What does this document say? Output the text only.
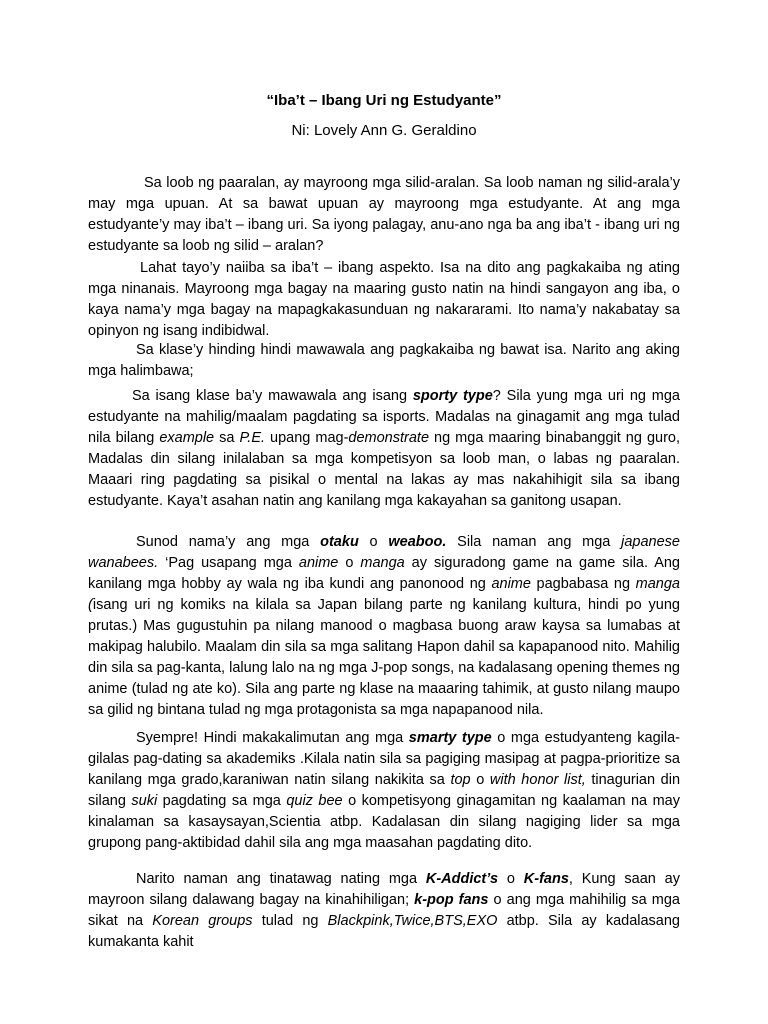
“Iba’t – Ibang Uri ng Estudyante”
Ni: Lovely Ann G. Geraldino

Sa loob ng paaralan, ay mayroong mga silid-aralan. Sa loob naman ng silid-arala’y may mga upuan. At sa bawat upuan ay mayroong mga estudyante. At ang mga estudyante’y may iba’t – ibang uri. Sa iyong palagay, anu-ano nga ba ang iba’t - ibang uri ng estudyante sa loob ng silid – aralan?

Lahat tayo’y naiiba sa iba’t – ibang aspekto. Isa na dito ang pagkakaiba ng ating mga ninanais. Mayroong mga bagay na maaring gusto natin na hindi sangayon ang iba, o kaya nama’y mga bagay na mapagkakasunduan ng nakararami. Ito nama’y nakabatay sa opinyon ng isang indibidwal.

Sa klase’y hinding hindi mawawala ang pagkakaiba ng bawat isa. Narito ang aking mga halimbawa;

Sa isang klase ba’y mawawala ang isang sporty type? Sila yung mga uri ng mga estudyante na mahilig/maalam pagdating sa isports. Madalas na ginagamit ang mga tulad nila bilang example sa P.E. upang mag-demonstrate ng mga maaring binabanggit ng guro, Madalas din silang inilalaban sa mga kompetisyon sa loob man, o labas ng paaralan. Maaari ring pagdating sa pisikal o mental na lakas ay mas nakahihigit sila sa ibang estudyante. Kaya’t asahan natin ang kanilang mga kakayahan sa ganitong usapan.

Sunod nama’y ang mga otaku o weaboo. Sila naman ang mga japanese wanabees. ‘Pag usapang mga anime o manga ay siguradong game na game sila. Ang kanilang mga hobby ay wala ng iba kundi ang panonood ng anime pagbabasa ng manga (isang uri ng komiks na kilala sa Japan bilang parte ng kanilang kultura, hindi po yung prutas.) Mas gugustuhin pa nilang manood o magbasa buong araw kaysa sa lumabas at makipag halubilo. Maalam din sila sa mga salitang Hapon dahil sa kapapanood nito. Mahilig din sila sa pag-kanta, lalung lalo na ng mga J-pop songs, na kadalasang opening themes ng anime (tulad ng ate ko). Sila ang parte ng klase na maaaring tahimik, at gusto nilang maupo sa gilid ng bintana tulad ng mga protagonista sa mga napapanood nila.

Syempre! Hindi makakalimutan ang mga smarty type o mga estudyanteng kagila-gilalas pag-dating sa akademiks .Kilala natin sila sa pagiging masipag at pagpa-prioritize sa kanilang mga grado,karaniwan natin silang nakikita sa top o with honor list, tinagurian din silang suki pagdating sa mga quiz bee o kompetisyong ginagamitan ng kaalaman na may kinalaman sa kasaysayan,Scientia atbp. Kadalasan din silang nagiging lider sa mga grupong pang-aktibidad dahil sila ang mga maasahan pagdating dito.

Narito naman ang tinatawag nating mga K-Addict’s o K-fans, Kung saan ay mayroon silang dalawang bagay na kinahihiligan; k-pop fans o ang mga mahihilig sa mga sikat na Korean groups tulad ng Blackpink,Twice,BTS,EXO atbp. Sila ay kadalasang kumakanta kahit
